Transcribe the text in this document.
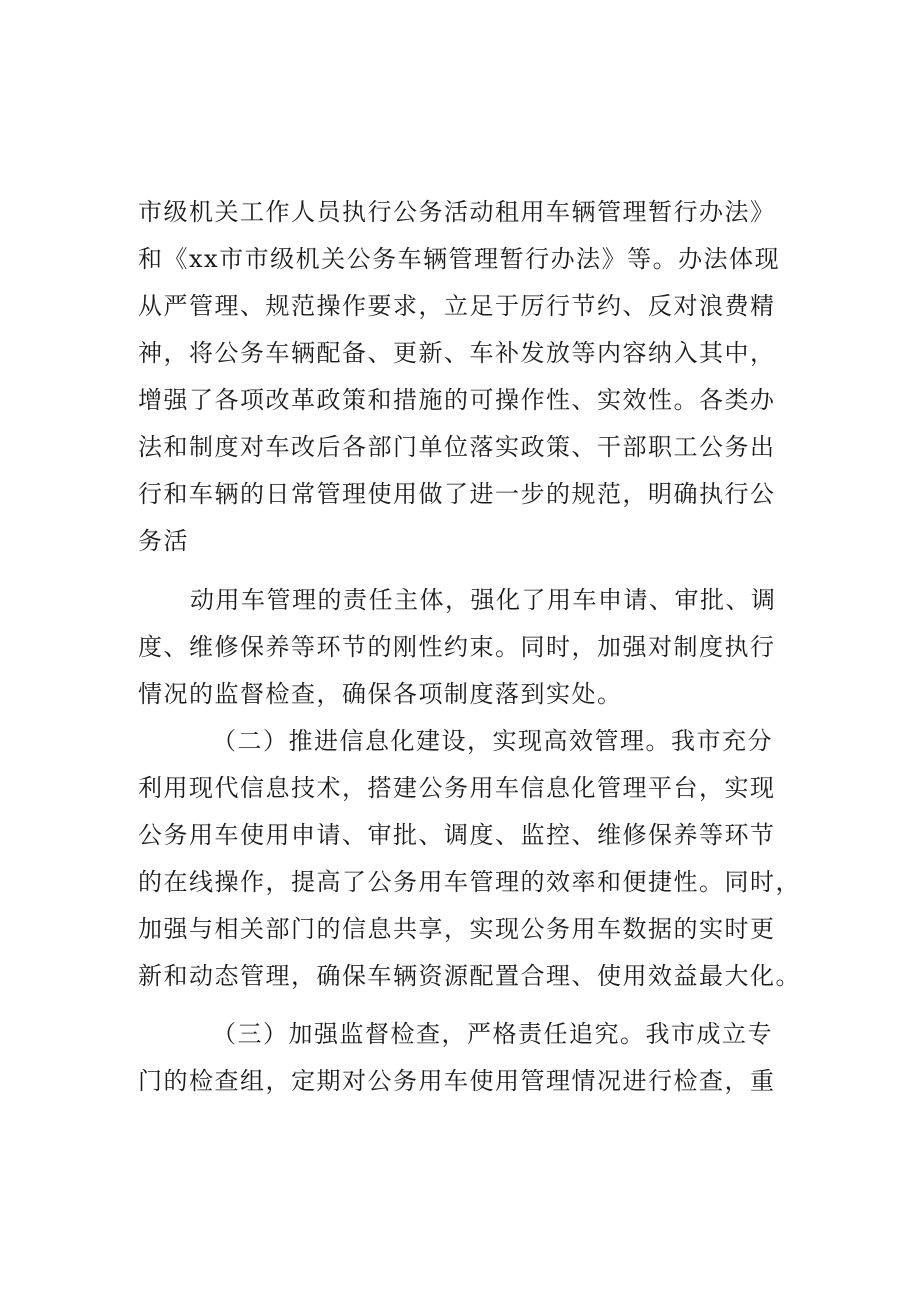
市级机关工作人员执行公务活动租用车辆管理暂行办法》
和《xx市市级机关公务车辆管理暂行办法》等。办法体现
从严管理、规范操作要求，立足于厉行节约、反对浪费精
神，将公务车辆配备、更新、车补发放等内容纳入其中，
增强了各项改革政策和措施的可操作性、实效性。各类办
法和制度对车改后各部门单位落实政策、干部职工公务出
行和车辆的日常管理使用做了进一步的规范，明确执行公
务活
动用车管理的责任主体，强化了用车申请、审批、调
度、维修保养等环节的刚性约束。同时，加强对制度执行
情况的监督检查，确保各项制度落到实处。
（二）推进信息化建设，实现高效管理。我市充分
利用现代信息技术，搭建公务用车信息化管理平台，实现
公务用车使用申请、审批、调度、监控、维修保养等环节
的在线操作，提高了公务用车管理的效率和便捷性。同时，
加强与相关部门的信息共享，实现公务用车数据的实时更
新和动态管理，确保车辆资源配置合理、使用效益最大化。
（三）加强监督检查，严格责任追究。我市成立专
门的检查组，定期对公务用车使用管理情况进行检查，重
